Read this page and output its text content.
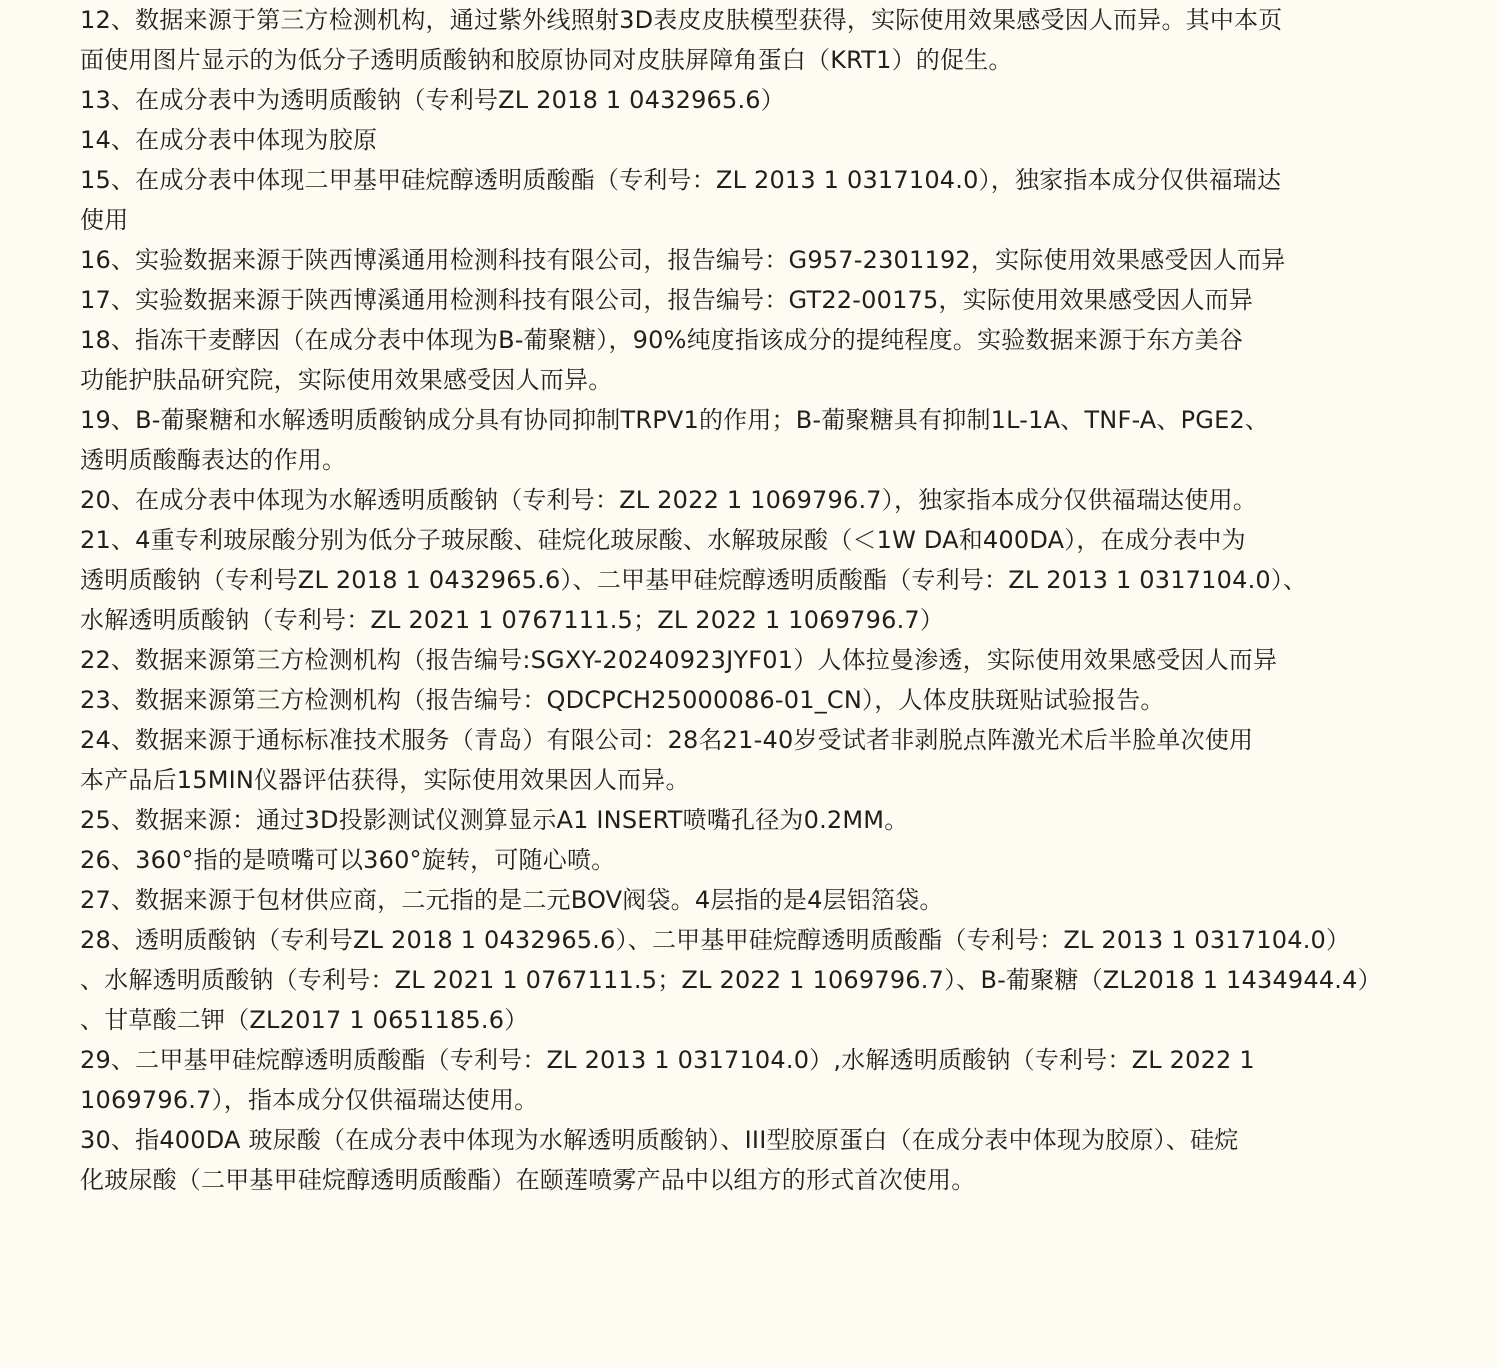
12、数据来源于第三方检测机构，通过紫外线照射3D表皮皮肤模型获得，实际使用效果感受因人而异。其中本页
面使用图片显示的为低分子透明质酸钠和胶原协同对皮肤屏障角蛋白（KRT1）的促生。
13、在成分表中为透明质酸钠（专利号ZL 2018 1 0432965.6）
14、在成分表中体现为胶原
15、在成分表中体现二甲基甲硅烷醇透明质酸酯（专利号：ZL 2013 1 0317104.0），独家指本成分仅供福瑞达
使用
16、实验数据来源于陕西博溪通用检测科技有限公司，报告编号：G957-2301192，实际使用效果感受因人而异
17、实验数据来源于陕西博溪通用检测科技有限公司，报告编号：GT22-00175，实际使用效果感受因人而异
18、指冻干麦酵因（在成分表中体现为B-葡聚糖），90%纯度指该成分的提纯程度。实验数据来源于东方美谷
功能护肤品研究院，实际使用效果感受因人而异。
19、B-葡聚糖和水解透明质酸钠成分具有协同抑制TRPV1的作用；B-葡聚糖具有抑制1L-1A、TNF-A、PGE2、
透明质酸酶表达的作用。
20、在成分表中体现为水解透明质酸钠（专利号：ZL 2022 1 1069796.7），独家指本成分仅供福瑞达使用。
21、4重专利玻尿酸分别为低分子玻尿酸、硅烷化玻尿酸、水解玻尿酸（＜1W DA和400DA），在成分表中为
透明质酸钠（专利号ZL 2018 1 0432965.6）、二甲基甲硅烷醇透明质酸酯（专利号：ZL 2013 1 0317104.0）、
水解透明质酸钠（专利号：ZL 2021 1 0767111.5；ZL 2022 1 1069796.7）
22、数据来源第三方检测机构（报告编号:SGXY-20240923JYF01）人体拉曼渗透，实际使用效果感受因人而异
23、数据来源第三方检测机构（报告编号：QDCPCH25000086-01_CN），人体皮肤斑贴试验报告。
24、数据来源于通标标准技术服务（青岛）有限公司：28名21-40岁受试者非剥脱点阵激光术后半脸单次使用
本产品后15MIN仪器评估获得，实际使用效果因人而异。
25、数据来源：通过3D投影测试仪测算显示A1 INSERT喷嘴孔径为0.2MM。
26、360°指的是喷嘴可以360°旋转，可随心喷。
27、数据来源于包材供应商，二元指的是二元BOV阀袋。4层指的是4层铝箔袋。
28、透明质酸钠（专利号ZL 2018 1 0432965.6）、二甲基甲硅烷醇透明质酸酯（专利号：ZL 2013 1 0317104.0）
、水解透明质酸钠（专利号：ZL 2021 1 0767111.5；ZL 2022 1 1069796.7）、B-葡聚糖（ZL2018 1 1434944.4）
、甘草酸二钾（ZL2017 1 0651185.6）
29、二甲基甲硅烷醇透明质酸酯（专利号：ZL 2013 1 0317104.0）,水解透明质酸钠（专利号：ZL 2022 1
1069796.7），指本成分仅供福瑞达使用。
30、指400DA 玻尿酸（在成分表中体现为水解透明质酸钠）、III型胶原蛋白（在成分表中体现为胶原）、硅烷
化玻尿酸（二甲基甲硅烷醇透明质酸酯）在颐莲喷雾产品中以组方的形式首次使用。
